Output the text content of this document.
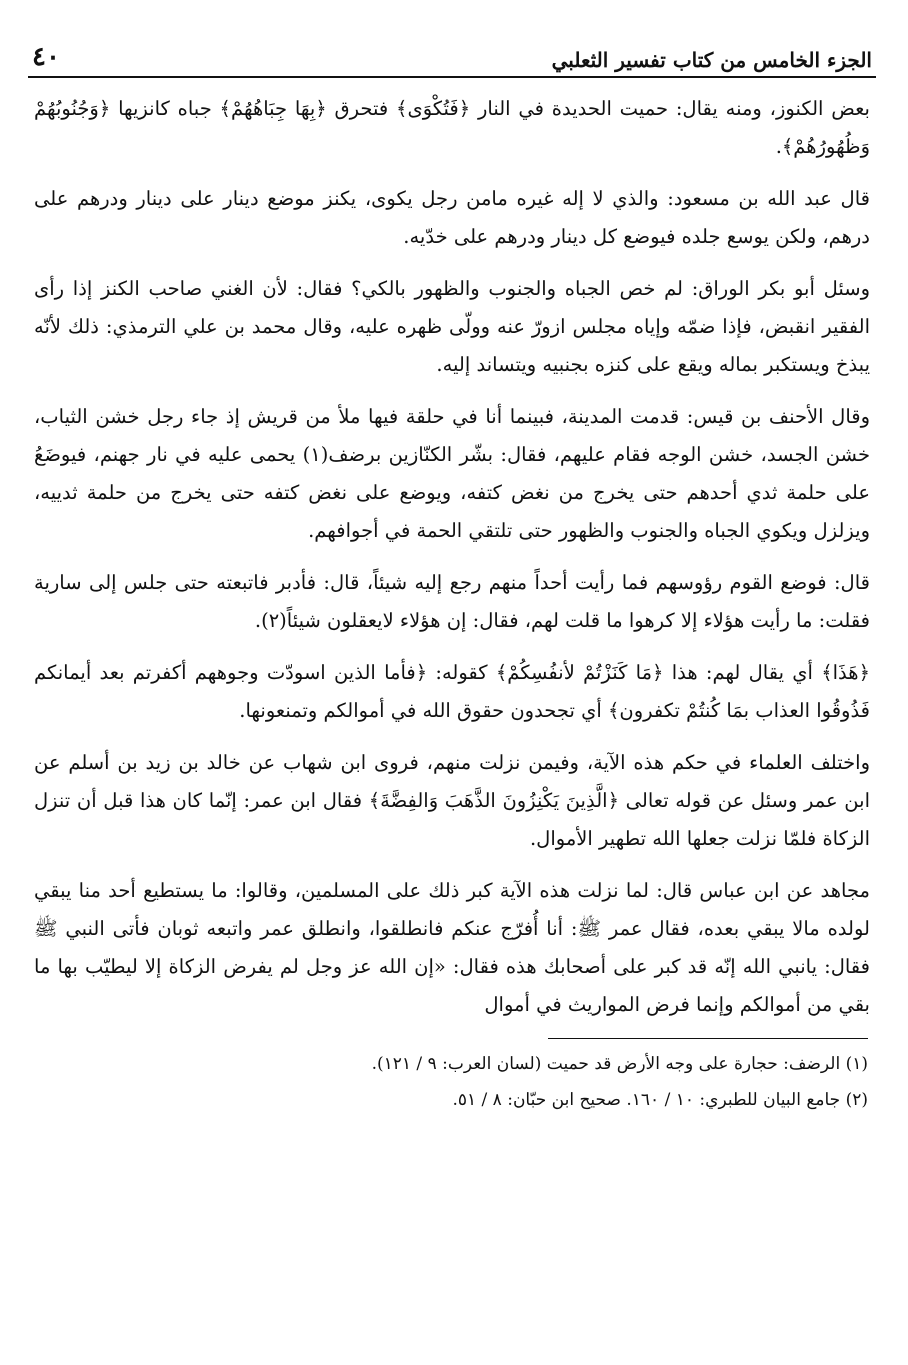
الجزء الخامس من كتاب تفسير الثعلبي
٤٠

بعض الكنوز، ومنه يقال: حميت الحديدة في النار ﴿فَتُكْوَى﴾ فتحرق ﴿بِهَا جِبَاهُهُمْ﴾ جباه كانزيها ﴿وَجُنُوبُهُمْ وَظُهُورُهُمْ﴾.

قال عبد الله بن مسعود: والذي لا إله غيره مامن رجل يكوى، يكنز موضع دينار على دينار ودرهم على درهم، ولكن يوسع جلده فيوضع كل دينار ودرهم على خدّيه.

وسئل أبو بكر الوراق: لم خص الجباه والجنوب والظهور بالكي؟ فقال: لأن الغني صاحب الكنز إذا رأى الفقير انقبض، فإذا ضمّه وإياه مجلس ازورّ عنه وولّى ظهره عليه، وقال محمد بن علي الترمذي: ذلك لأنّه يبذخ ويستكبر بماله ويقع على كنزه بجنبيه ويتساند إليه.

وقال الأحنف بن قيس: قدمت المدينة، فبينما أنا في حلقة فيها ملأ من قريش إذ جاء رجل خشن الثياب، خشن الجسد، خشن الوجه فقام عليهم، فقال: بشّر الكنّازين برضف(١) يحمى عليه في نار جهنم، فيوضَعُ على حلمة ثدي أحدهم حتى يخرج من نغض كتفه، ويوضع على نغض كتفه حتى يخرج من حلمة ثدييه، ويزلزل ويكوي الجباه والجنوب والظهور حتى تلتقي الحمة في أجوافهم.

قال: فوضع القوم رؤوسهم فما رأيت أحداً منهم رجع إليه شيئاً، قال: فأدبر فاتبعته حتى جلس إلى سارية فقلت: ما رأيت هؤلاء إلا كرهوا ما قلت لهم، فقال: إن هؤلاء لايعقلون شيئاً(٢).

﴿هَذَا﴾ أي يقال لهم: هذا ﴿مَا كَنَزْتُمْ لأنفُسِكُمْ﴾ كقوله: ﴿فأما الذين اسودّت وجوههم أكفرتم بعد أيمانكم فَذُوقُوا العذاب بمَا كُنتُمْ تكفرون﴾ أي تجحدون حقوق الله في أموالكم وتمنعونها.

واختلف العلماء في حكم هذه الآية، وفيمن نزلت منهم، فروى ابن شهاب عن خالد بن زيد بن أسلم عن ابن عمر وسئل عن قوله تعالى ﴿الَّذِينَ يَكْنِزُونَ الذَّهَبَ وَالفِضَّةَ﴾ فقال ابن عمر: إنّما كان هذا قبل أن تنزل الزكاة فلمّا نزلت جعلها الله تطهير الأموال.

مجاهد عن ابن عباس قال: لما نزلت هذه الآية كبر ذلك على المسلمين، وقالوا: ما يستطيع أحد منا يبقي لولده مالا يبقي بعده، فقال عمر ﷺ: أنا أُفرّج عنكم فانطلقوا، وانطلق عمر واتبعه ثوبان فأتى النبي ﷺ فقال: يانبي الله إنّه قد كبر على أصحابك هذه فقال: «إن الله عز وجل لم يفرض الزكاة إلا ليطيّب بها ما بقي من أموالكم وإنما فرض المواريث في أموال

(١) الرضف: حجارة على وجه الأرض قد حميت (لسان العرب: ٩ / ١٢١).

(٢) جامع البيان للطبري: ١٠ / ١٦٠. صحيح ابن حبّان: ٨ / ٥١.
